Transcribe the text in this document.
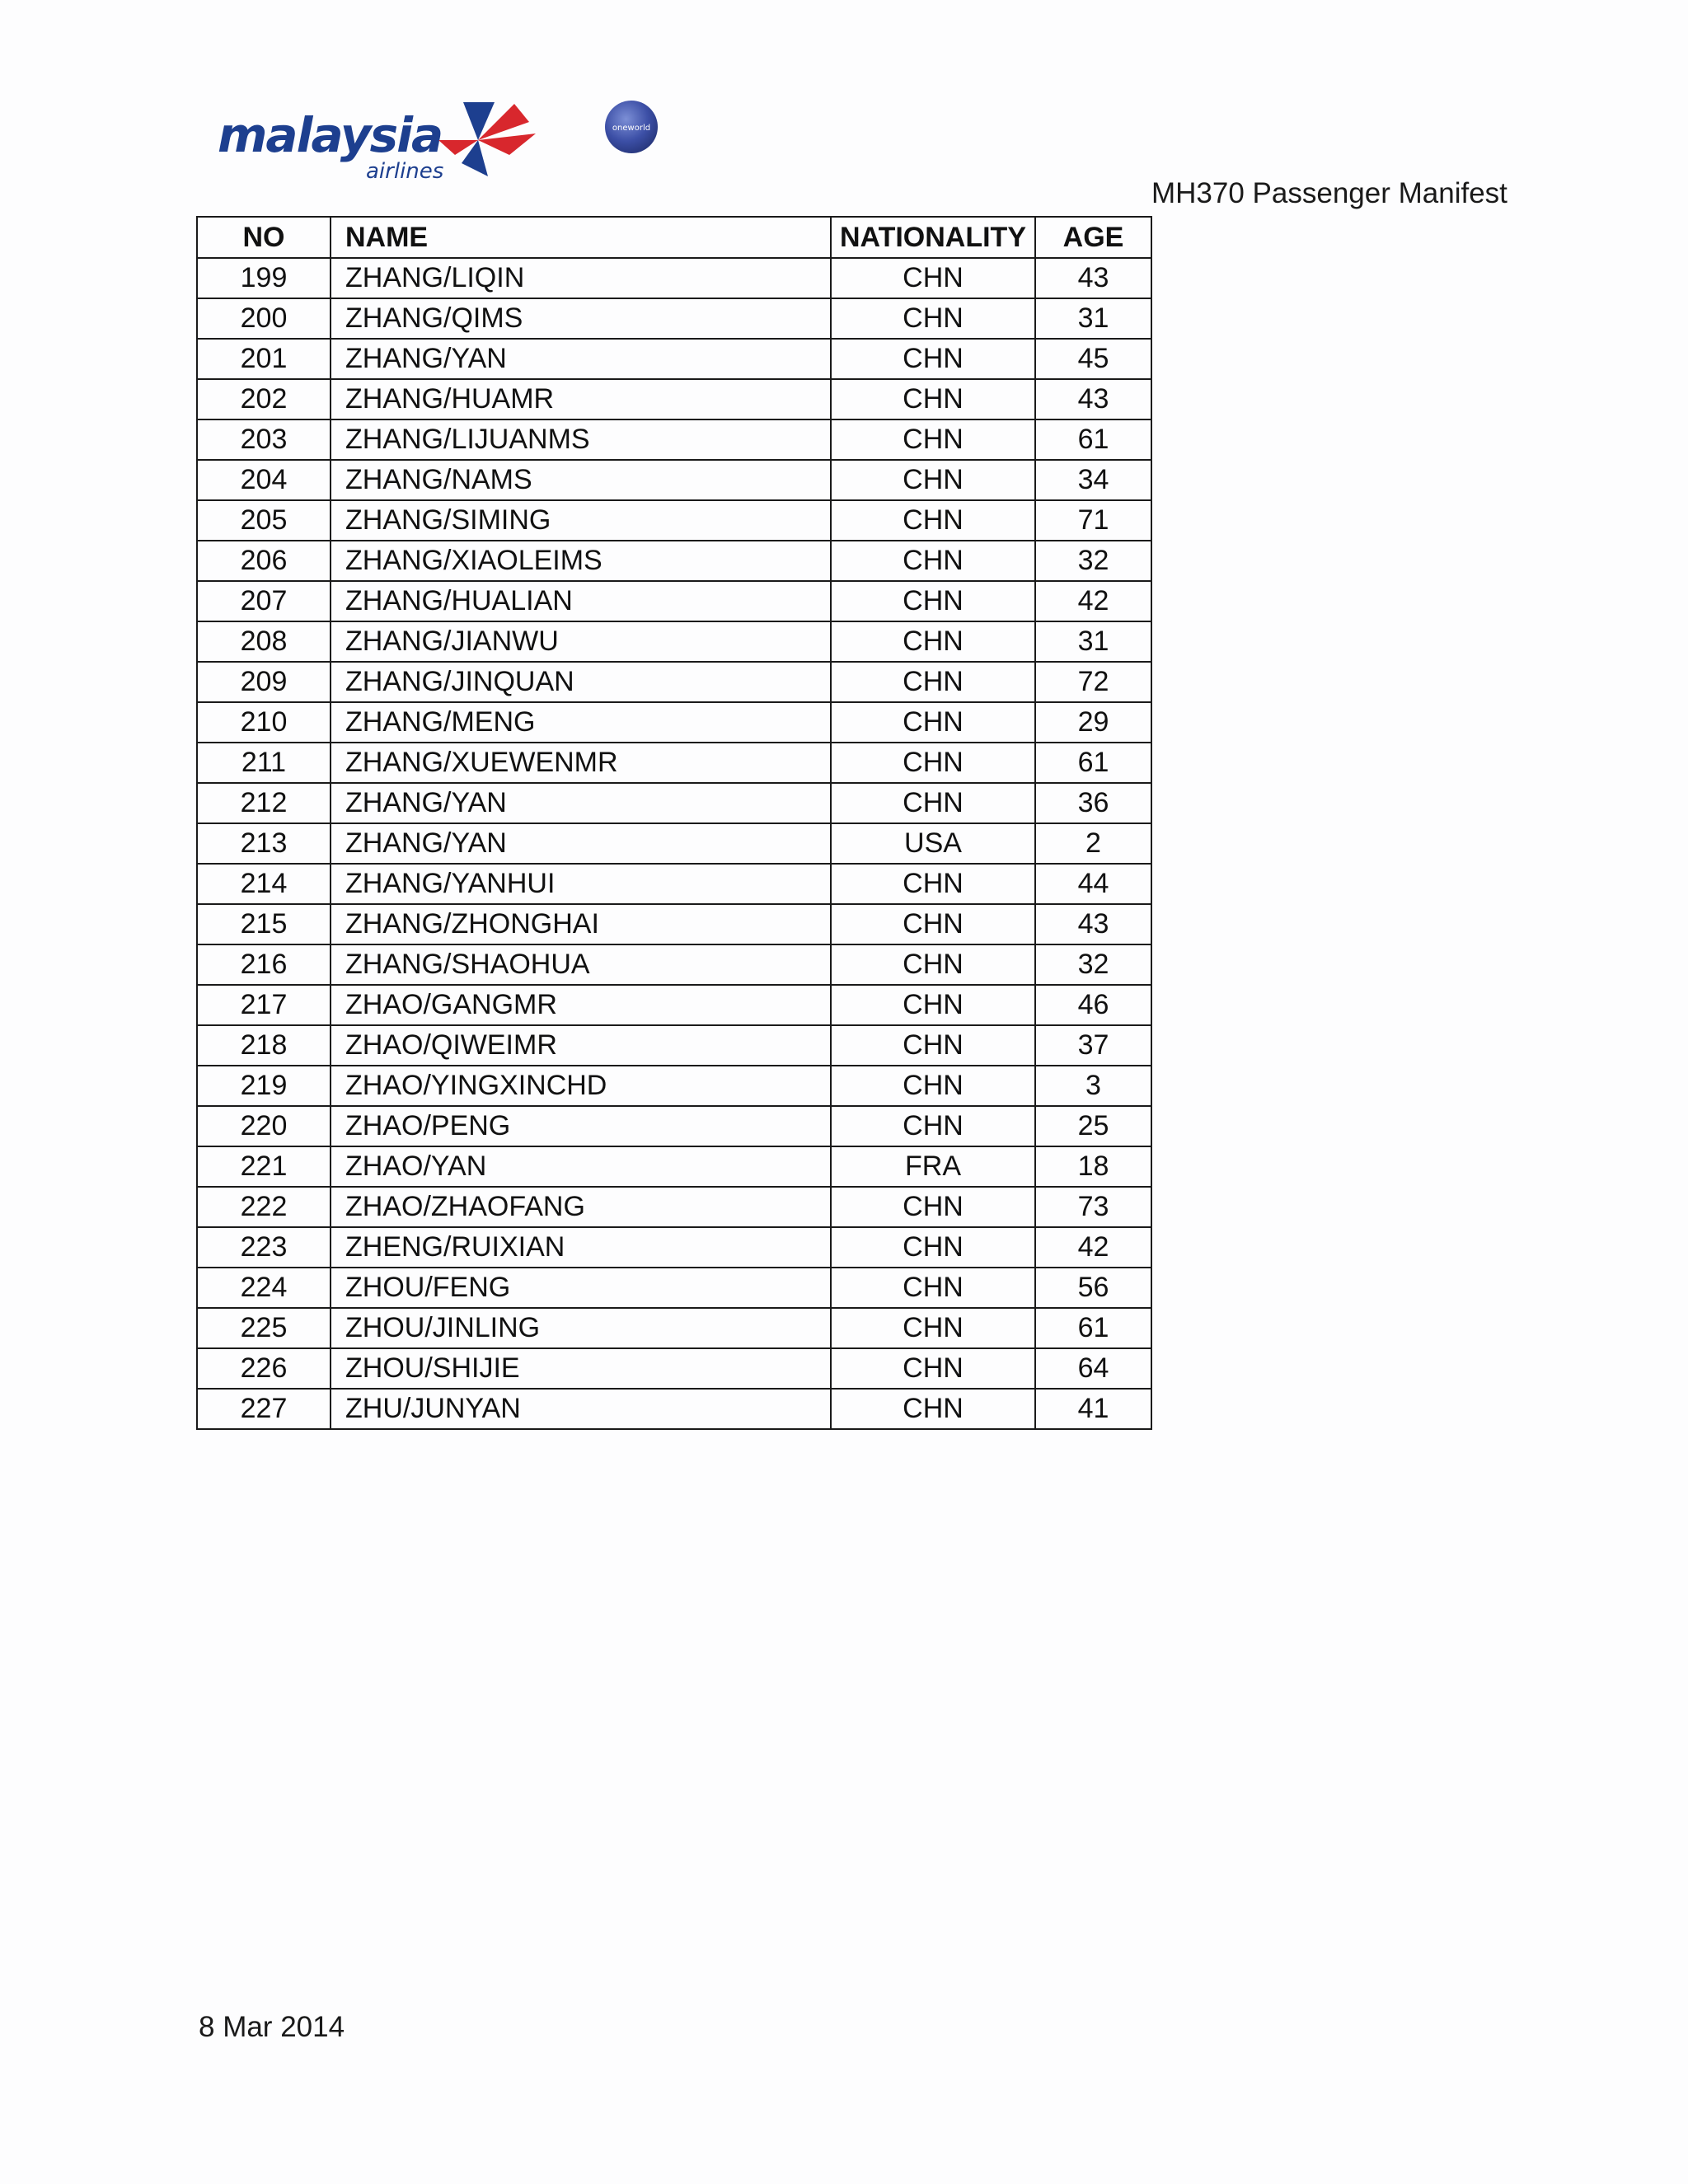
malaysia
airlines
oneworld
MH370 Passenger Manifest
NO	NAME	NATIONALITY	AGE
199	ZHANG/LIQIN	CHN	43
200	ZHANG/QIMS	CHN	31
201	ZHANG/YAN	CHN	45
202	ZHANG/HUAMR	CHN	43
203	ZHANG/LIJUANMS	CHN	61
204	ZHANG/NAMS	CHN	34
205	ZHANG/SIMING	CHN	71
206	ZHANG/XIAOLEIMS	CHN	32
207	ZHANG/HUALIAN	CHN	42
208	ZHANG/JIANWU	CHN	31
209	ZHANG/JINQUAN	CHN	72
210	ZHANG/MENG	CHN	29
211	ZHANG/XUEWENMR	CHN	61
212	ZHANG/YAN	CHN	36
213	ZHANG/YAN	USA	2
214	ZHANG/YANHUI	CHN	44
215	ZHANG/ZHONGHAI	CHN	43
216	ZHANG/SHAOHUA	CHN	32
217	ZHAO/GANGMR	CHN	46
218	ZHAO/QIWEIMR	CHN	37
219	ZHAO/YINGXINCHD	CHN	3
220	ZHAO/PENG	CHN	25
221	ZHAO/YAN	FRA	18
222	ZHAO/ZHAOFANG	CHN	73
223	ZHENG/RUIXIAN	CHN	42
224	ZHOU/FENG	CHN	56
225	ZHOU/JINLING	CHN	61
226	ZHOU/SHIJIE	CHN	64
227	ZHU/JUNYAN	CHN	41
8 Mar 2014
